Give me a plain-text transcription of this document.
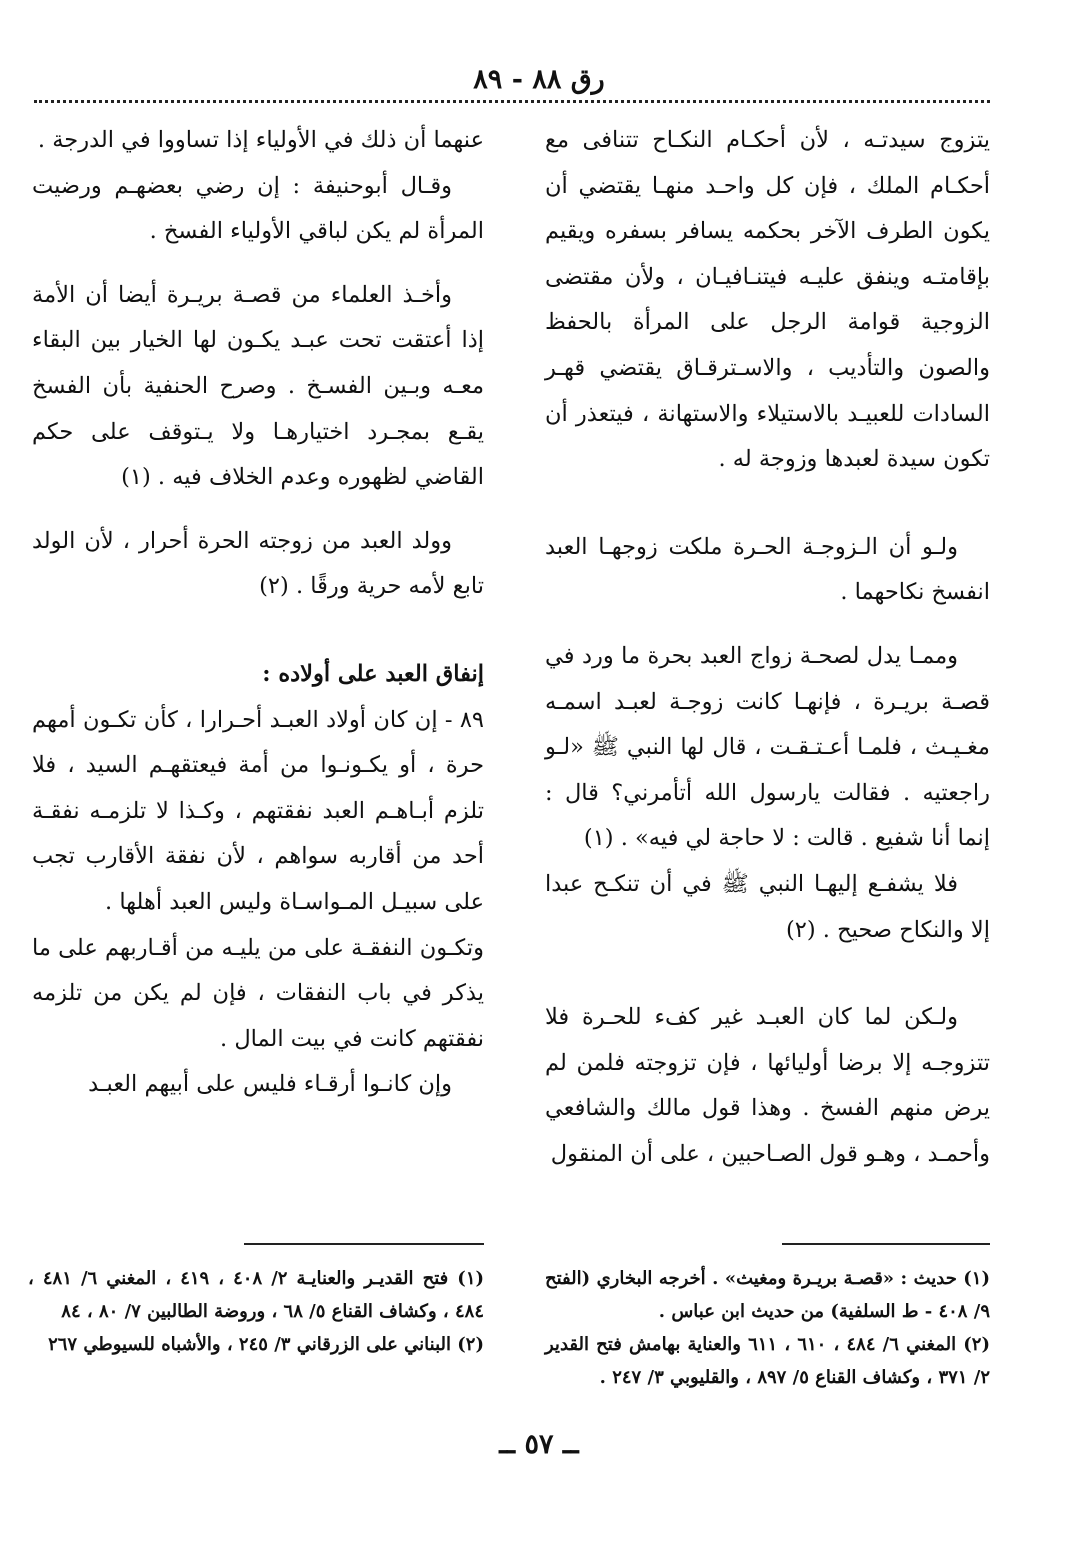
رق ٨٨ - ٨٩

يتزوج سيدتـه ، لأن أحكـام النكـاح تتنافى مع أحكـام الملك ، فإن كل واحـد منهـا يقتضي أن يكون الطرف الآخر بحكمه يسافر بسفره ويقيم بإقامتـه وينفق عليـه فيتنـافيـان ، ولأن مقتضى الزوجية قوامة الرجل على المرأة بالحفظ والصون والتأديب ، والاسـترقـاق يقتضي قهـر السادات للعبيـد بالاستيلاء والاستهانة ، فيتعذر أن تكون سيدة لعبدها وزوجة له .

ولـو أن الـزوجـة الحـرة ملكت زوجهـا العبد انفسخ نكاحهما .

وممـا يدل لصحـة زواج العبد بحرة ما ورد في قصـة بريـرة ، فإنهـا كانت زوجـة لعبـد اسمـه مغـيـث ، فلمـا أعـتـقـت ، قال لها النبي ﷺ «لـو راجعتيه . فقالت يارسول الله أتأمرني؟ قال : إنما أنا شفيع . قالت : لا حاجة لي فيه» . (١)

فلا يشفـع إليهـا النبي ﷺ في أن تنكـح عبدا إلا والنكاح صحيح . (٢)

ولـكن لما كان العبـد غير كفء للحـرة فلا تتزوجـه إلا برضا أوليائها ، فإن تزوجته فلمن لم يرض منهم الفسخ . وهذا قول مالك والشافعي وأحمـد ، وهـو قول الصـاحبين ، على أن المنقول

عنهما أن ذلك في الأولياء إذا تساووا في الدرجة .

وقـال أبوحنيفة : إن رضي بعضهـم ورضيت المرأة لم يكن لباقي الأولياء الفسخ .

وأخـذ العلماء من قصـة بريـرة أيضا أن الأمة إذا أعتقت تحت عبـد يكـون لها الخيار بين البقاء معـه وبـين الفسـخ . وصرح الحنفية بأن الفسخ يقـع بمجـرد اختيارهـا ولا يـتوقف على حكم القاضي لظهوره وعدم الخلاف فيه . (١)

وولد العبد من زوجته الحرة أحرار ، لأن الولد تابع لأمه حرية ورقًا . (٢)

إنفاق العبد على أولاده :

٨٩ - إن كان أولاد العبـد أحـرارا ، كأن تكـون أمهم حرة ، أو يكـونـوا من أمة فيعتقهـم السيد ، فلا تلزم أبـاهـم العبد نفقتهم ، وكـذا لا تلزمـه نفقـة أحد من أقاربه سواهم ، لأن نفقة الأقارب تجب على سبيـل المـواسـاة وليس العبد أهلها .

وتكـون النفقـة على من يليـه من أقـاربهم على ما يذكر في باب النفقات ، فإن لم يكن من تلزمه نفقتهم كانت في بيت المال .

وإن كانـوا أرقـاء فليس على أبيهم العبـد

(١) حديث : «قصـة بريـرة ومغيث» . أخرجه البخاري (الفتح ٩/ ٤٠٨ - ط السلفية) من حديث ابن عباس .

(٢) المغني ٦/ ٤٨٤ ، ٦١٠ ، ٦١١ والعناية بهامش فتح القدير ٢/ ٣٧١ ، وكشاف القناع ٥/ ٨٩٧ ، والقليوبي ٣/ ٢٤٧ .

(١) فتح القديـر والعنايـة ٢/ ٤٠٨ ، ٤١٩ ، المغني ٦/ ٤٨١ ، ٤٨٤ ، وكشاف القناع ٥/ ٦٨ ، وروضة الطالبين ٧/ ٨٠ ، ٨٤

(٢) البناني على الزرقاني ٣/ ٢٤٥ ، والأشباه للسيوطي ٢٦٧

ــ ٥٧ ــ
